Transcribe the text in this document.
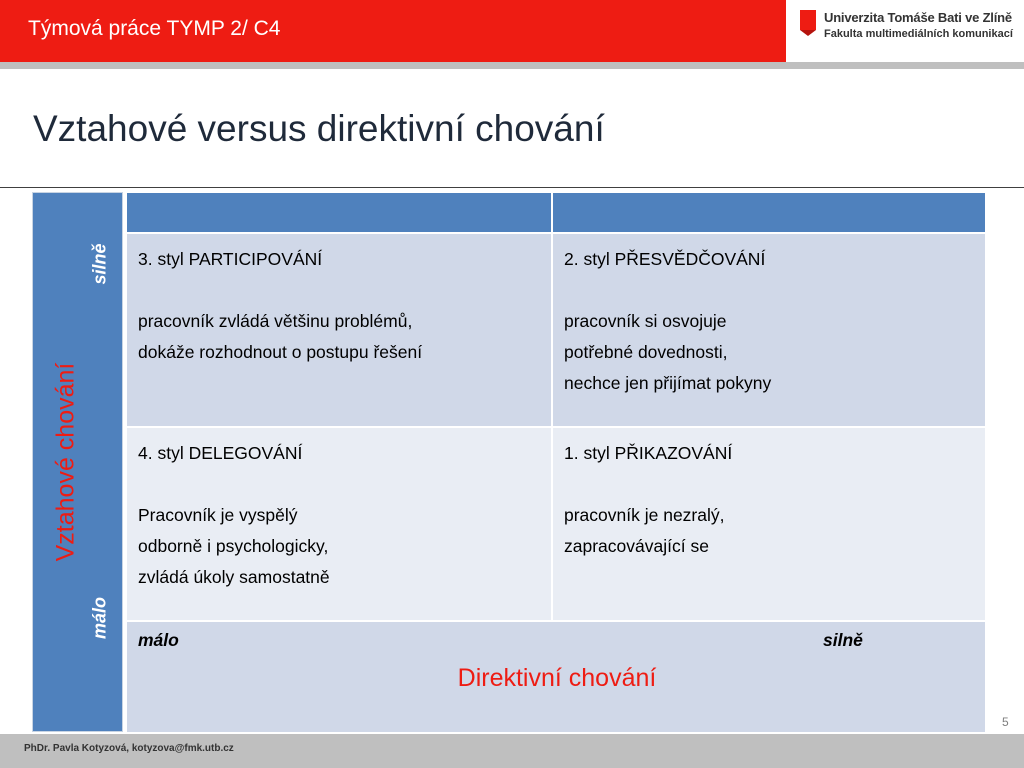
Týmová práce TYMP 2/ C4	Univerzita Tomáše Bati ve Zlíně
Fakulta multimediálních komunikací
Vztahové versus direktivní chování
Vztahové chování
silně
málo
3. styl PARTICIPOVÁNÍ
pracovník zvládá většinu problémů,
dokáže rozhodnout o postupu řešení
2. styl PŘESVĚDČOVÁNÍ
pracovník si osvojuje
potřebné dovednosti,
nechce jen přijímat pokyny
4. styl DELEGOVÁNÍ
Pracovník je vyspělý
odborně i psychologicky,
zvládá úkoly samostatně
1. styl PŘIKAZOVÁNÍ
pracovník je nezralý,
zapracovávající se
málo	silně
Direktivní chování
5
PhDr. Pavla Kotyzová, kotyzova@fmk.utb.cz
